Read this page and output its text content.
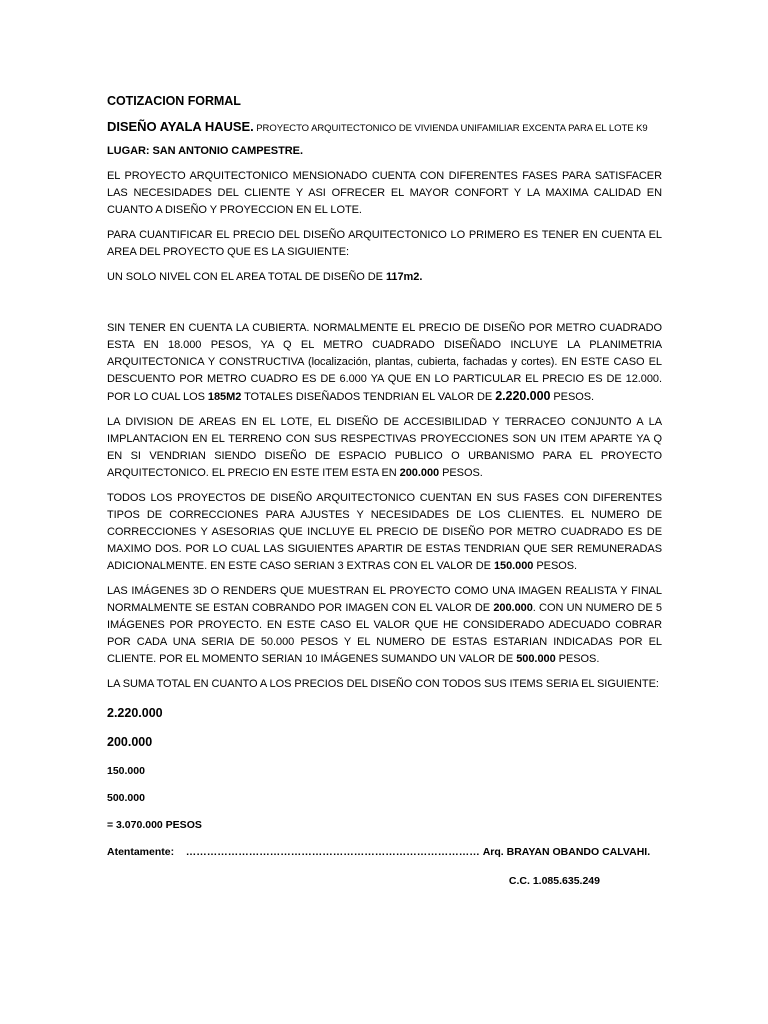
COTIZACION FORMAL

DISEÑO AYALA HAUSE. PROYECTO ARQUITECTONICO DE VIVIENDA UNIFAMILIAR EXCENTA PARA EL LOTE K9

LUGAR: SAN ANTONIO CAMPESTRE.

EL PROYECTO ARQUITECTONICO MENSIONADO CUENTA CON DIFERENTES FASES PARA SATISFACER LAS NECESIDADES DEL CLIENTE Y ASI OFRECER EL MAYOR CONFORT Y LA MAXIMA CALIDAD EN CUANTO A DISEÑO Y PROYECCION EN EL LOTE.

PARA CUANTIFICAR EL PRECIO DEL DISEÑO ARQUITECTONICO LO PRIMERO ES TENER EN CUENTA EL AREA DEL PROYECTO QUE ES LA SIGUIENTE:

UN SOLO NIVEL CON EL AREA TOTAL DE DISEÑO DE 117m2.

SIN TENER EN CUENTA LA CUBIERTA. NORMALMENTE EL PRECIO DE DISEÑO POR METRO CUADRADO ESTA EN 18.000 PESOS, YA Q EL METRO CUADRADO DISEÑADO INCLUYE LA PLANIMETRIA ARQUITECTONICA Y CONSTRUCTIVA (localización, plantas, cubierta, fachadas y cortes). EN ESTE CASO EL DESCUENTO POR METRO CUADRO ES DE 6.000 YA QUE EN LO PARTICULAR EL PRECIO ES DE 12.000. POR LO CUAL LOS 185M2 TOTALES DISEÑADOS TENDRIAN EL VALOR DE 2.220.000 PESOS.

LA DIVISION DE AREAS EN EL LOTE, EL DISEÑO DE ACCESIBILIDAD Y TERRACEO CONJUNTO A LA IMPLANTACION EN EL TERRENO CON SUS RESPECTIVAS PROYECCIONES SON UN ITEM APARTE YA Q EN SI VENDRIAN SIENDO DISEÑO DE ESPACIO PUBLICO O URBANISMO PARA EL PROYECTO ARQUITECTONICO. EL PRECIO EN ESTE ITEM ESTA EN 200.000 PESOS.

TODOS LOS PROYECTOS DE DISEÑO ARQUITECTONICO CUENTAN EN SUS FASES CON DIFERENTES TIPOS DE CORRECCIONES PARA AJUSTES Y NECESIDADES DE LOS CLIENTES. EL NUMERO DE CORRECCIONES Y ASESORIAS QUE INCLUYE EL PRECIO DE DISEÑO POR METRO CUADRADO ES DE MAXIMO DOS. POR LO CUAL LAS SIGUIENTES APARTIR DE ESTAS TENDRIAN QUE SER REMUNERADAS ADICIONALMENTE. EN ESTE CASO SERIAN 3 EXTRAS CON EL VALOR DE 150.000 PESOS.

LAS IMÁGENES 3D O RENDERS QUE MUESTRAN EL PROYECTO COMO UNA IMAGEN REALISTA Y FINAL NORMALMENTE SE ESTAN COBRANDO POR IMAGEN CON EL VALOR DE 200.000. CON UN NUMERO DE 5 IMÁGENES POR PROYECTO. EN ESTE CASO EL VALOR QUE HE CONSIDERADO ADECUADO COBRAR POR CADA UNA SERIA DE 50.000 PESOS Y EL NUMERO DE ESTAS ESTARIAN INDICADAS POR EL CLIENTE. POR EL MOMENTO SERIAN 10 IMÁGENES SUMANDO UN VALOR DE 500.000 PESOS.

LA SUMA TOTAL EN CUANTO A LOS PRECIOS DEL DISEÑO CON TODOS SUS ITEMS SERIA EL SIGUIENTE:

2.220.000

200.000

150.000

500.000

= 3.070.000 PESOS

Atentamente: ………………………………………………………………………… Arq. BRAYAN OBANDO CALVAHI.

C.C. 1.085.635.249
